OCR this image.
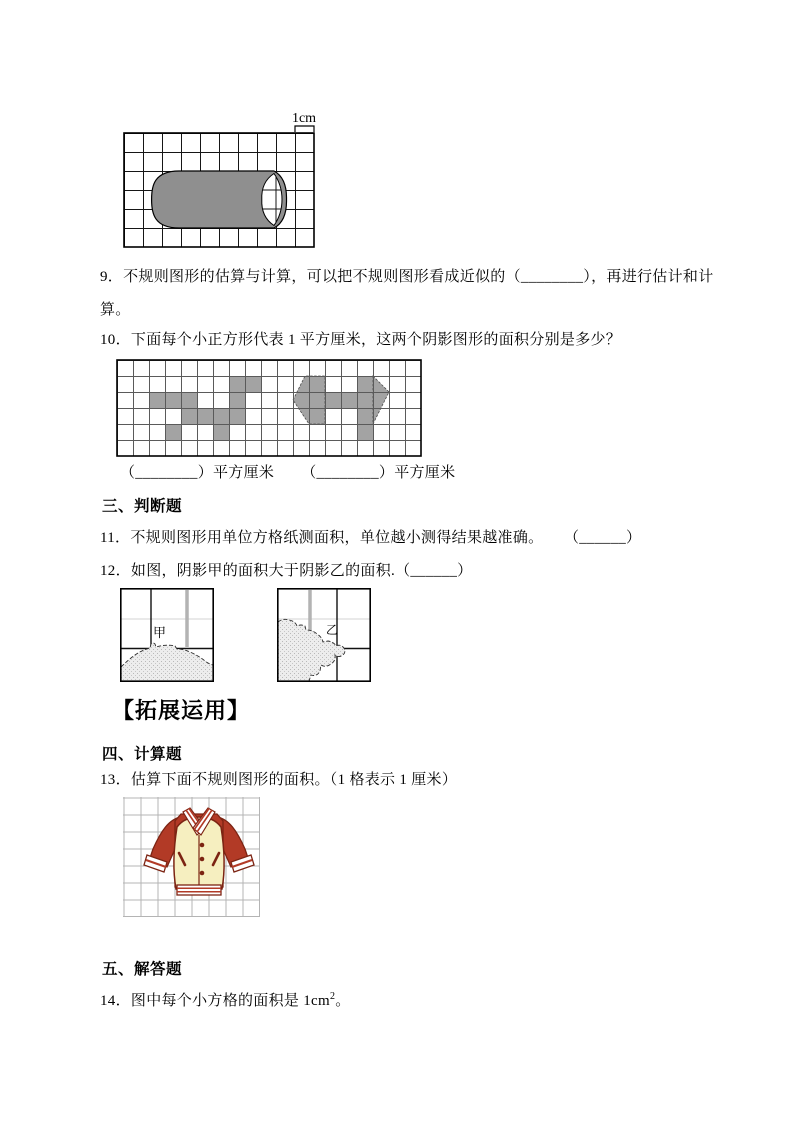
1cm
9．不规则图形的估算与计算，可以把不规则图形看成近似的（________），再进行估计和计
算。
10．下面每个小正方形代表 1 平方厘米，这两个阴影图形的面积分别是多少？
（________）平方厘米 （________）平方厘米
三、判断题
11．不规则图形用单位方格纸测面积，单位越小测得结果越准确。 （______）
12．如图，阴影甲的面积大于阴影乙的面积.（______）
甲	乙
【拓展运用】
四、计算题
13．估算下面不规则图形的面积。（1 格表示 1 厘米）
五、解答题
14．图中每个小方格的面积是 $1cm^2$。
